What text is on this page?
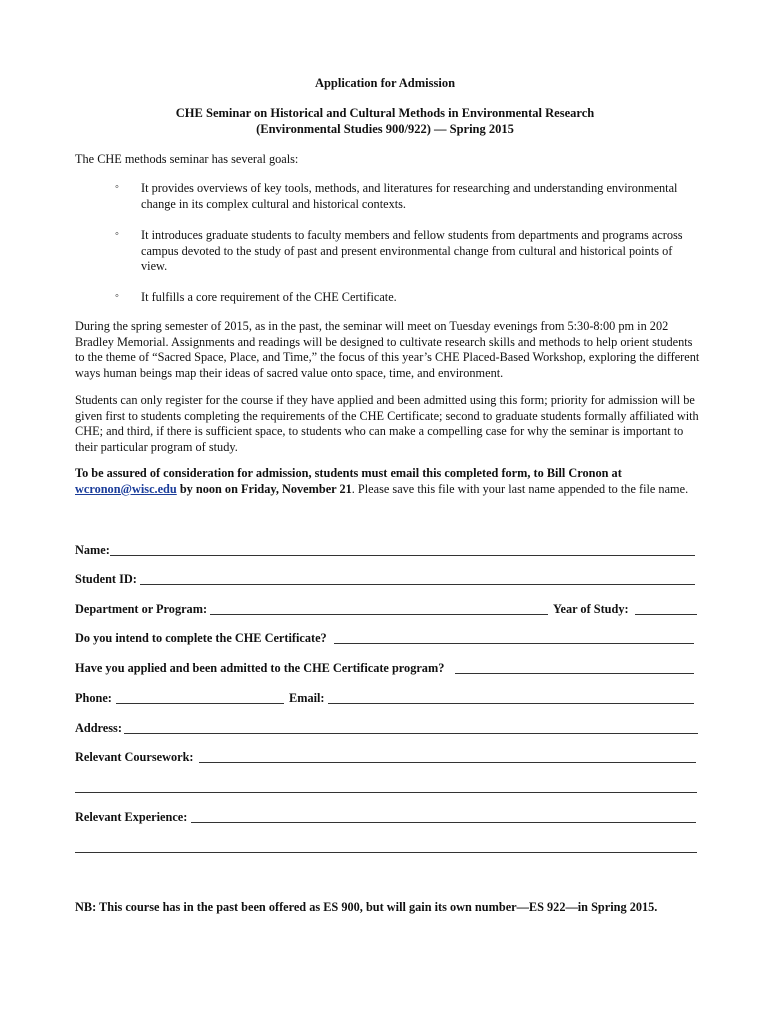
Application for Admission
CHE Seminar on Historical and Cultural Methods in Environmental Research
(Environmental Studies 900/922) — Spring 2015
The CHE methods seminar has several goals:
◦ It provides overviews of key tools, methods, and literatures for researching and understanding environmental change in its complex cultural and historical contexts.
◦ It introduces graduate students to faculty members and fellow students from departments and programs across campus devoted to the study of past and present environmental change from cultural and historical points of view.
◦ It fulfills a core requirement of the CHE Certificate.
During the spring semester of 2015, as in the past, the seminar will meet on Tuesday evenings from 5:30-8:00 pm in 202 Bradley Memorial. Assignments and readings will be designed to cultivate research skills and methods to help orient students to the theme of “Sacred Space, Place, and Time,” the focus of this year’s CHE Placed-Based Workshop, exploring the different ways human beings map their ideas of sacred value onto space, time, and environment.
Students can only register for the course if they have applied and been admitted using this form; priority for admission will be given first to students completing the requirements of the CHE Certificate; second to graduate students formally affiliated with CHE; and third, if there is sufficient space, to students who can make a compelling case for why the seminar is important to their particular program of study.
To be assured of consideration for admission, students must email this completed form, to Bill Cronon at wcronon@wisc.edu by noon on Friday, November 21. Please save this file with your last name appended to the file name.
Name:
Student ID:
Department or Program:	Year of Study:
Do you intend to complete the CHE Certificate?
Have you applied and been admitted to the CHE Certificate program?
Phone:	Email:
Address:
Relevant Coursework:
Relevant Experience:
NB: This course has in the past been offered as ES 900, but will gain its own number—ES 922—in Spring 2015.
